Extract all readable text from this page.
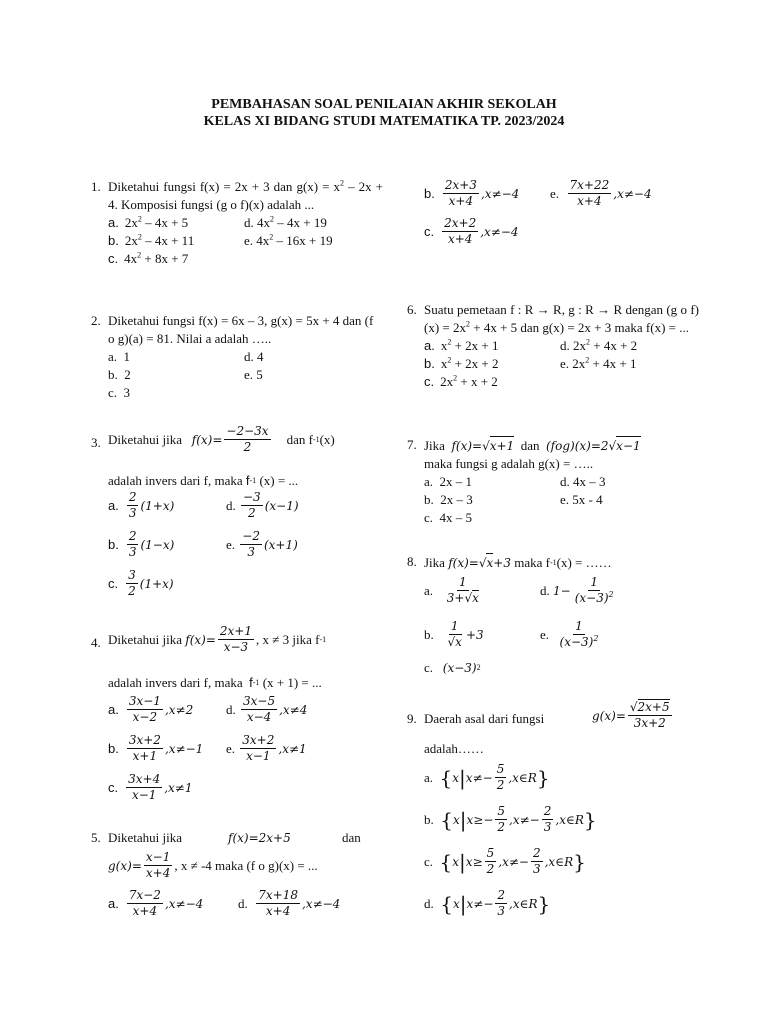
PEMBAHASAN SOAL PENILAIAN AKHIR SEKOLAH
KELAS XI BIDANG STUDI MATEMATIKA TP. 2023/2024
1. Diketahui fungsi f(x) = 2x + 3 dan $g(x) = x^2 - 2x + 4$. Komposisi fungsi (g o f)(x) adalah ...
a. $2x^2 - 4x + 5$	d. $4x^2 - 4x + 19$
b. $2x^2 - 4x + 11$	e. $4x^2 - 16x + 19$
c. $4x^2 + 8x + 7$
2. Diketahui fungsi f(x) = 6x – 3, g(x) = 5x + 4 dan (f o g)(a) = 81. Nilai a adalah …..
a. 1	d. 4
b. 2	e. 5
c. 3
3. Diketahui jika
f $(x)= \frac{-2-3x}{2}$ dan f -1 (x)
adalah invers dari f, maka
f -1
(x) = ...
a. $\frac{2}{3} (1+x)$	d.
$\frac{-3}{2} (x-1)$
b. $\frac{2}{3} (1-x)$	e.
$\frac{-2}{3} (x+1)$
c. $\frac{3}{2} (1+x)$
4. Diketahui jika
f $(x)= \frac{2x+1}{x-3}$ , x ≠ 3 jika f -1
adalah invers dari f, maka
f -1
(x + 1) = ...
a. $\frac{3x-1}{x-2} ,x\ne 2$	d.
$\frac{3x-5}{x-4} ,x\ne 4$
b. $\frac{3x+2}{x+1} ,x\ne-1$ e.
$\frac{3x+2}{x-1} ,x\ne 1$
c. $\frac{3x+4}{x-1} ,x\ne 1$
5. Diketahui jika	f(x)=2x+5	dan
$g(x)= \frac{x-1}{x+4}$ , x ≠ -4 maka (f o g)(x) = ...
a. $\frac{7x-2}{x+4} ,x\ne-4$	d.
$\frac{7x+18}{x+4} ,x\ne-4$
b. $\frac{2x+3}{x+4} ,x\ne-4$ e.
$\frac{7x+22}{x+4} ,x\ne-4$
c. $\frac{2x+2}{x+4} ,x\ne-4$
6. Suatu pemetaan f : R → R, g : R → R dengan (g o $f)(x) = 2x^2 + 4x + 5$ dan g(x) = 2x + 3 maka f(x) = ...
a. $x^2 + 2x + 1$	d. $2x^2 + 4x + 2$
b. $x^2 + 2x + 2$	e. $2x^2 + 4x + 1$
c. $2x^2 + x + 2$
7. Jika
f(x)=√ x+1
dan
(fog)(x)=2√ x−1
maka fungsi g adalah g(x) = …..
a. 2x – 1	d. 4x – 3
b. 2x – 3	e. 5x - 4
c. 4x – 5
8. Jika
f(x)=√ x +3
maka f -1 (x) = ……
a.
$\frac{1}{3+√x}$	d.
$1- \frac{1}{(x-3)^2}$
b.
$\frac{1}{√x} +3$	e.
$\frac{1}{(x-3)^2}$
c.
(x−3) 2
9. Daerah asal dari fungsi	$g(x)= \frac{√2x+5}{3x+2}$
adalah……
a.
{ x | $x\ne- \frac{5}{2}$ ,x∈R }
b.
{ x | $x\ge- \frac{5}{2} ,x\ne- \frac{2}{3}$ ,x∈R }
c.
{ x | $x\ge \frac{5}{2} ,x\ne- \frac{2}{3}$ ,x∈R }
d.
{ x | $x\ne- \frac{2}{3}$ ,x∈R }
